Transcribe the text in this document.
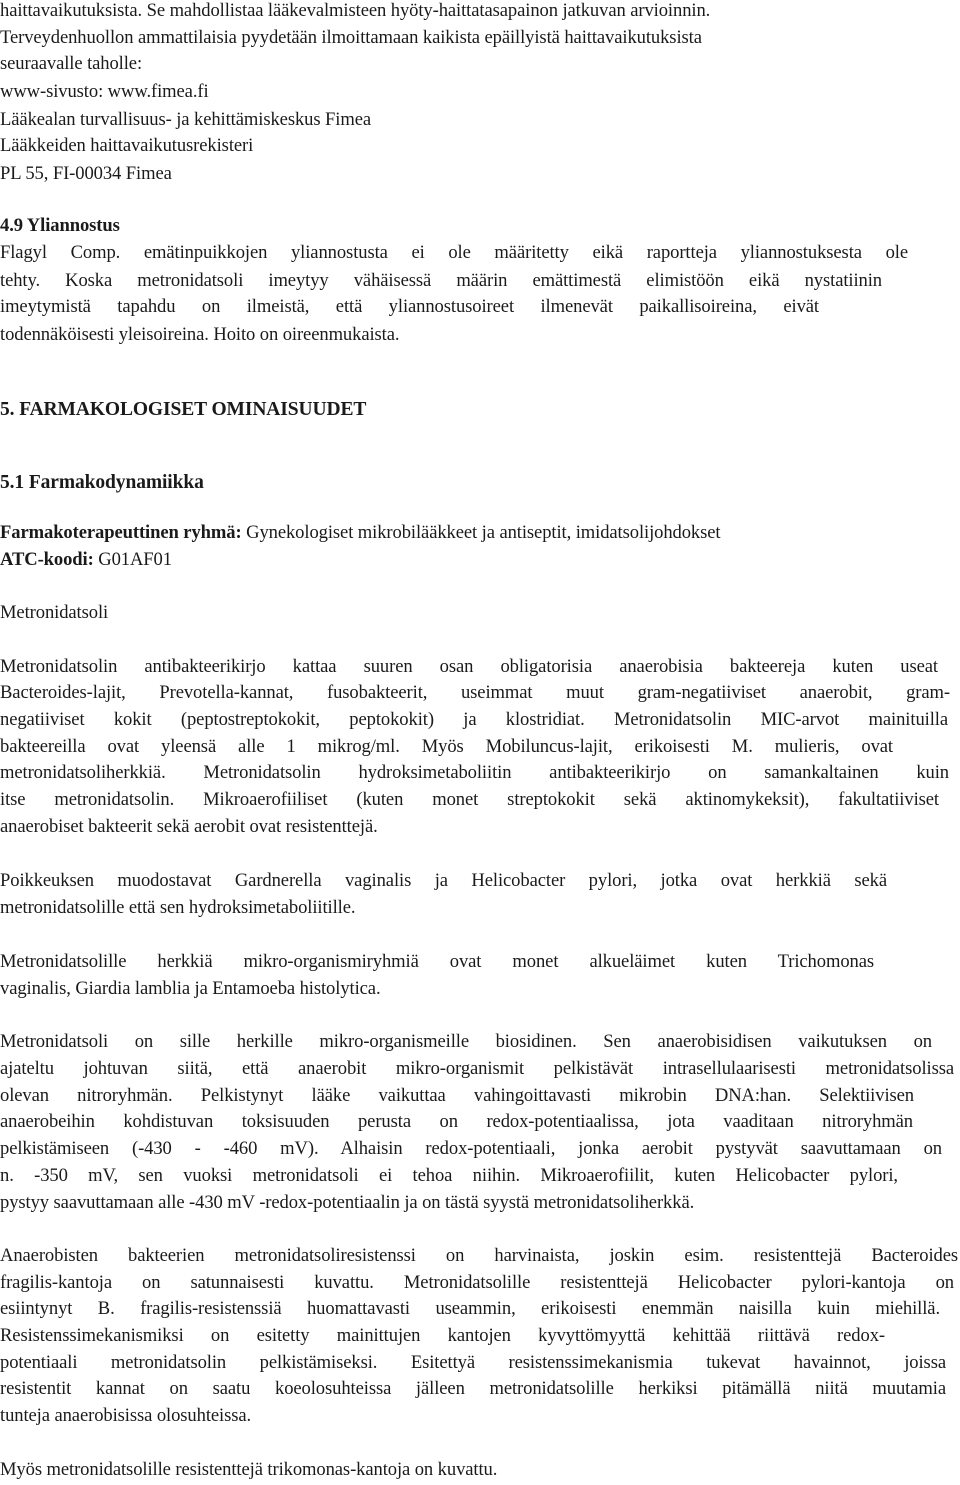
haittavaikutuksista. Se mahdollistaa lääkevalmisteen hyöty-haittatasapainon jatkuvan arvioinnin.
Terveydenhuollon ammattilaisia pyydetään ilmoittamaan kaikista epäillyistä haittavaikutuksista
seuraavalle taholle:
www-sivusto: www.fimea.fi
Lääkealan turvallisuus- ja kehittämiskeskus Fimea
Lääkkeiden haittavaikutusrekisteri
PL 55, FI-00034 Fimea
4.9 Yliannostus
Flagyl Comp. emätinpuikkojen yliannostusta ei ole määritetty eikä raportteja yliannostuksesta ole
tehty. Koska metronidatsoli imeytyy vähäisessä määrin emättimestä elimistöön eikä nystatiinin
imeytymistä tapahdu on ilmeistä, että yliannostusoireet ilmenevät paikallisoireina, eivät
todennäköisesti yleisoireina. Hoito on oireenmukaista.
5. FARMAKOLOGISET OMINAISUUDET
5.1 Farmakodynamiikka
Farmakoterapeuttinen ryhmä: Gynekologiset mikrobilääkkeet ja antiseptit, imidatsolijohdokset
ATC-koodi: G01AF01
Metronidatsoli
Metronidatsolin antibakteerikirjo kattaa suuren osan obligatorisia anaerobisia bakteereja kuten useat
Bacteroides-lajit, Prevotella-kannat, fusobakteerit, useimmat muut gram-negatiiviset anaerobit, gram-
negatiiviset kokit (peptostreptokokit, peptokokit) ja klostridiat. Metronidatsolin MIC-arvot mainituilla
bakteereilla ovat yleensä alle 1 mikrog/ml. Myös Mobiluncus-lajit, erikoisesti M. mulieris, ovat
metronidatsoliherkkiä. Metronidatsolin hydroksimetaboliitin antibakteerikirjo on samankaltainen kuin
itse metronidatsolin. Mikroaerofiiliset (kuten monet streptokokit sekä aktinomykeksit), fakultatiiviset
anaerobiset bakteerit sekä aerobit ovat resistenttejä.
Poikkeuksen muodostavat Gardnerella vaginalis ja Helicobacter pylori, jotka ovat herkkiä sekä
metronidatsolille että sen hydroksimetaboliitille.
Metronidatsolille herkkiä mikro-organismiryhmiä ovat monet alkueläimet kuten Trichomonas
vaginalis, Giardia lamblia ja Entamoeba histolytica.
Metronidatsoli on sille herkille mikro-organismeille biosidinen. Sen anaerobisidisen vaikutuksen on
ajateltu johtuvan siitä, että anaerobit mikro-organismit pelkistävät intrasellulaarisesti metronidatsolissa
olevan nitroryhmän. Pelkistynyt lääke vaikuttaa vahingoittavasti mikrobin DNA:han. Selektiivisen
anaerobeihin kohdistuvan toksisuuden perusta on redox-potentiaalissa, jota vaaditaan nitroryhmän
pelkistämiseen (-430 - -460 mV). Alhaisin redox-potentiaali, jonka aerobit pystyvät saavuttamaan on
n. -350 mV, sen vuoksi metronidatsoli ei tehoa niihin. Mikroaerofiilit, kuten Helicobacter pylori,
pystyy saavuttamaan alle -430 mV -redox-potentiaalin ja on tästä syystä metronidatsoliherkkä.
Anaerobisten bakteerien metronidatsoliresistenssi on harvinaista, joskin esim. resistenttejä Bacteroides
fragilis-kantoja on satunnaisesti kuvattu. Metronidatsolille resistenttejä Helicobacter pylori-kantoja on
esiintynyt B. fragilis-resistenssiä huomattavasti useammin, erikoisesti enemmän naisilla kuin miehillä.
Resistenssimekanismiksi on esitetty mainittujen kantojen kyvyttömyyttä kehittää riittävä redox-
potentiaali metronidatsolin pelkistämiseksi. Esitettyä resistenssimekanismia tukevat havainnot, joissa
resistentit kannat on saatu koeolosuhteissa jälleen metronidatsolille herkiksi pitämällä niitä muutamia
tunteja anaerobisissa olosuhteissa.
Myös metronidatsolille resistenttejä trikomonas-kantoja on kuvattu.
